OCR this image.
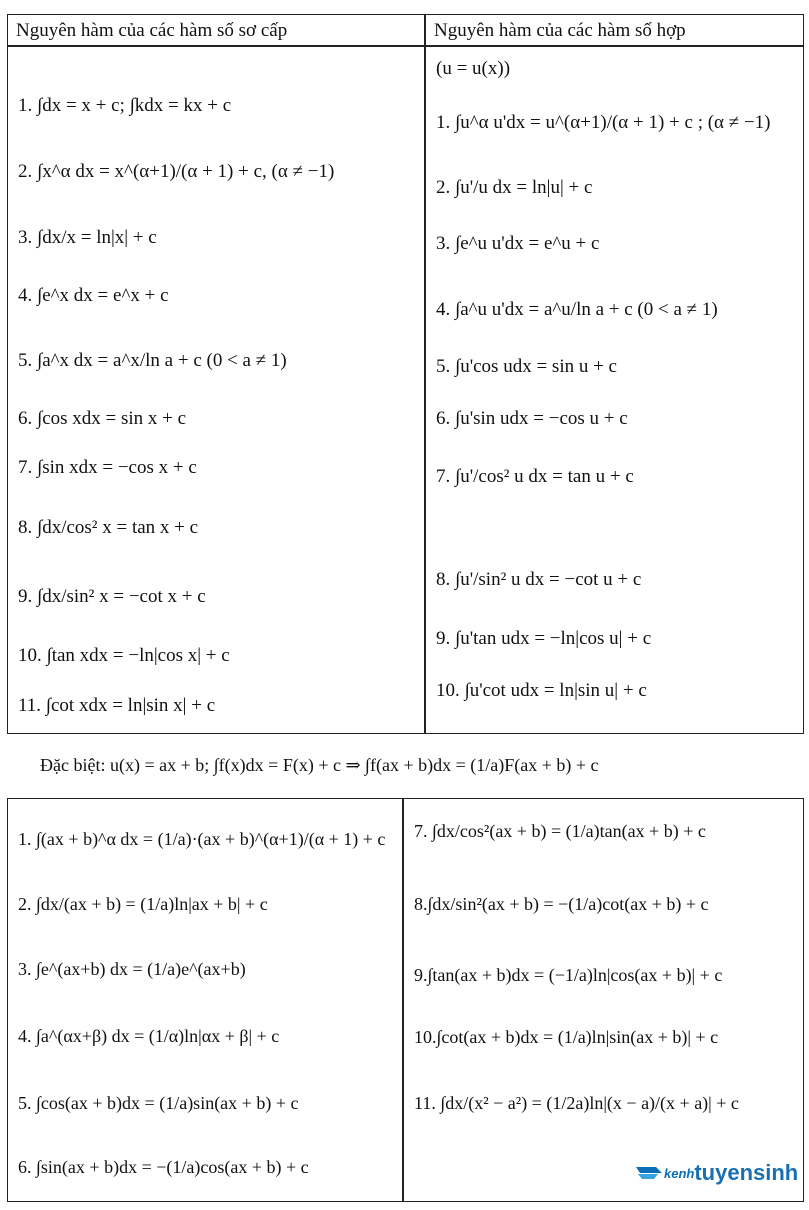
Nguyên hàm của các hàm số sơ cấp	Nguyên hàm của các hàm số hợp
1. ∫dx = x + c; ∫kdx = kx + c
2. ∫x^α dx = x^(α+1)/(α + 1) + c, (α ≠ −1)
3. ∫dx/x = ln|x| + c
4. ∫e^x dx = e^x + c
5. ∫a^x dx = a^x/ln a + c (0 < a ≠ 1)
6. ∫cos xdx = sin x + c
7. ∫sin xdx = −cos x + c
8. ∫dx/cos² x = tan x + c
9. ∫dx/sin² x = −cot x + c
10. ∫tan xdx = −ln|cos x| + c
11. ∫cot xdx = ln|sin x| + c
(u = u(x))
1. ∫u^α u'dx = u^(α+1)/(α + 1) + c ; (α ≠ −1)
2. ∫u'/u dx = ln|u| + c
3. ∫e^u u'dx = e^u + c
4. ∫a^u u'dx = a^u/ln a + c (0 < a ≠ 1)
5. ∫u'cos udx = sin u + c
6. ∫u'sin udx = −cos u + c
7. ∫u'/cos² u dx = tan u + c
8. ∫u'/sin² u dx = −cot u + c
9. ∫u'tan udx = −ln|cos u| + c
10. ∫u'cot udx = ln|sin u| + c
Đặc biệt: u(x) = ax + b; ∫f(x)dx = F(x) + c ⇒ ∫f(ax + b)dx = (1/a)F(ax + b) + c
1. ∫(ax + b)^α dx = (1/a)·(ax + b)^(α+1)/(α + 1) + c
2. ∫dx/(ax + b) = (1/a)ln|ax + b| + c
3. ∫e^(ax+b) dx = (1/a)e^(ax+b)
4. ∫a^(αx+β) dx = (1/α)ln|αx + β| + c
5. ∫cos(ax + b)dx = (1/a)sin(ax + b) + c
6. ∫sin(ax + b)dx = −(1/a)cos(ax + b) + c
7. ∫dx/cos²(ax + b) = (1/a)tan(ax + b) + c
8.∫dx/sin²(ax + b) = −(1/a)cot(ax + b) + c
9.∫tan(ax + b)dx = (−1/a)ln|cos(ax + b)| + c
10.∫cot(ax + b)dx = (1/a)ln|sin(ax + b)| + c
11. ∫dx/(x² − a²) = (1/2a)ln|(x − a)/(x + a)| + c
kenh tuyensinh
